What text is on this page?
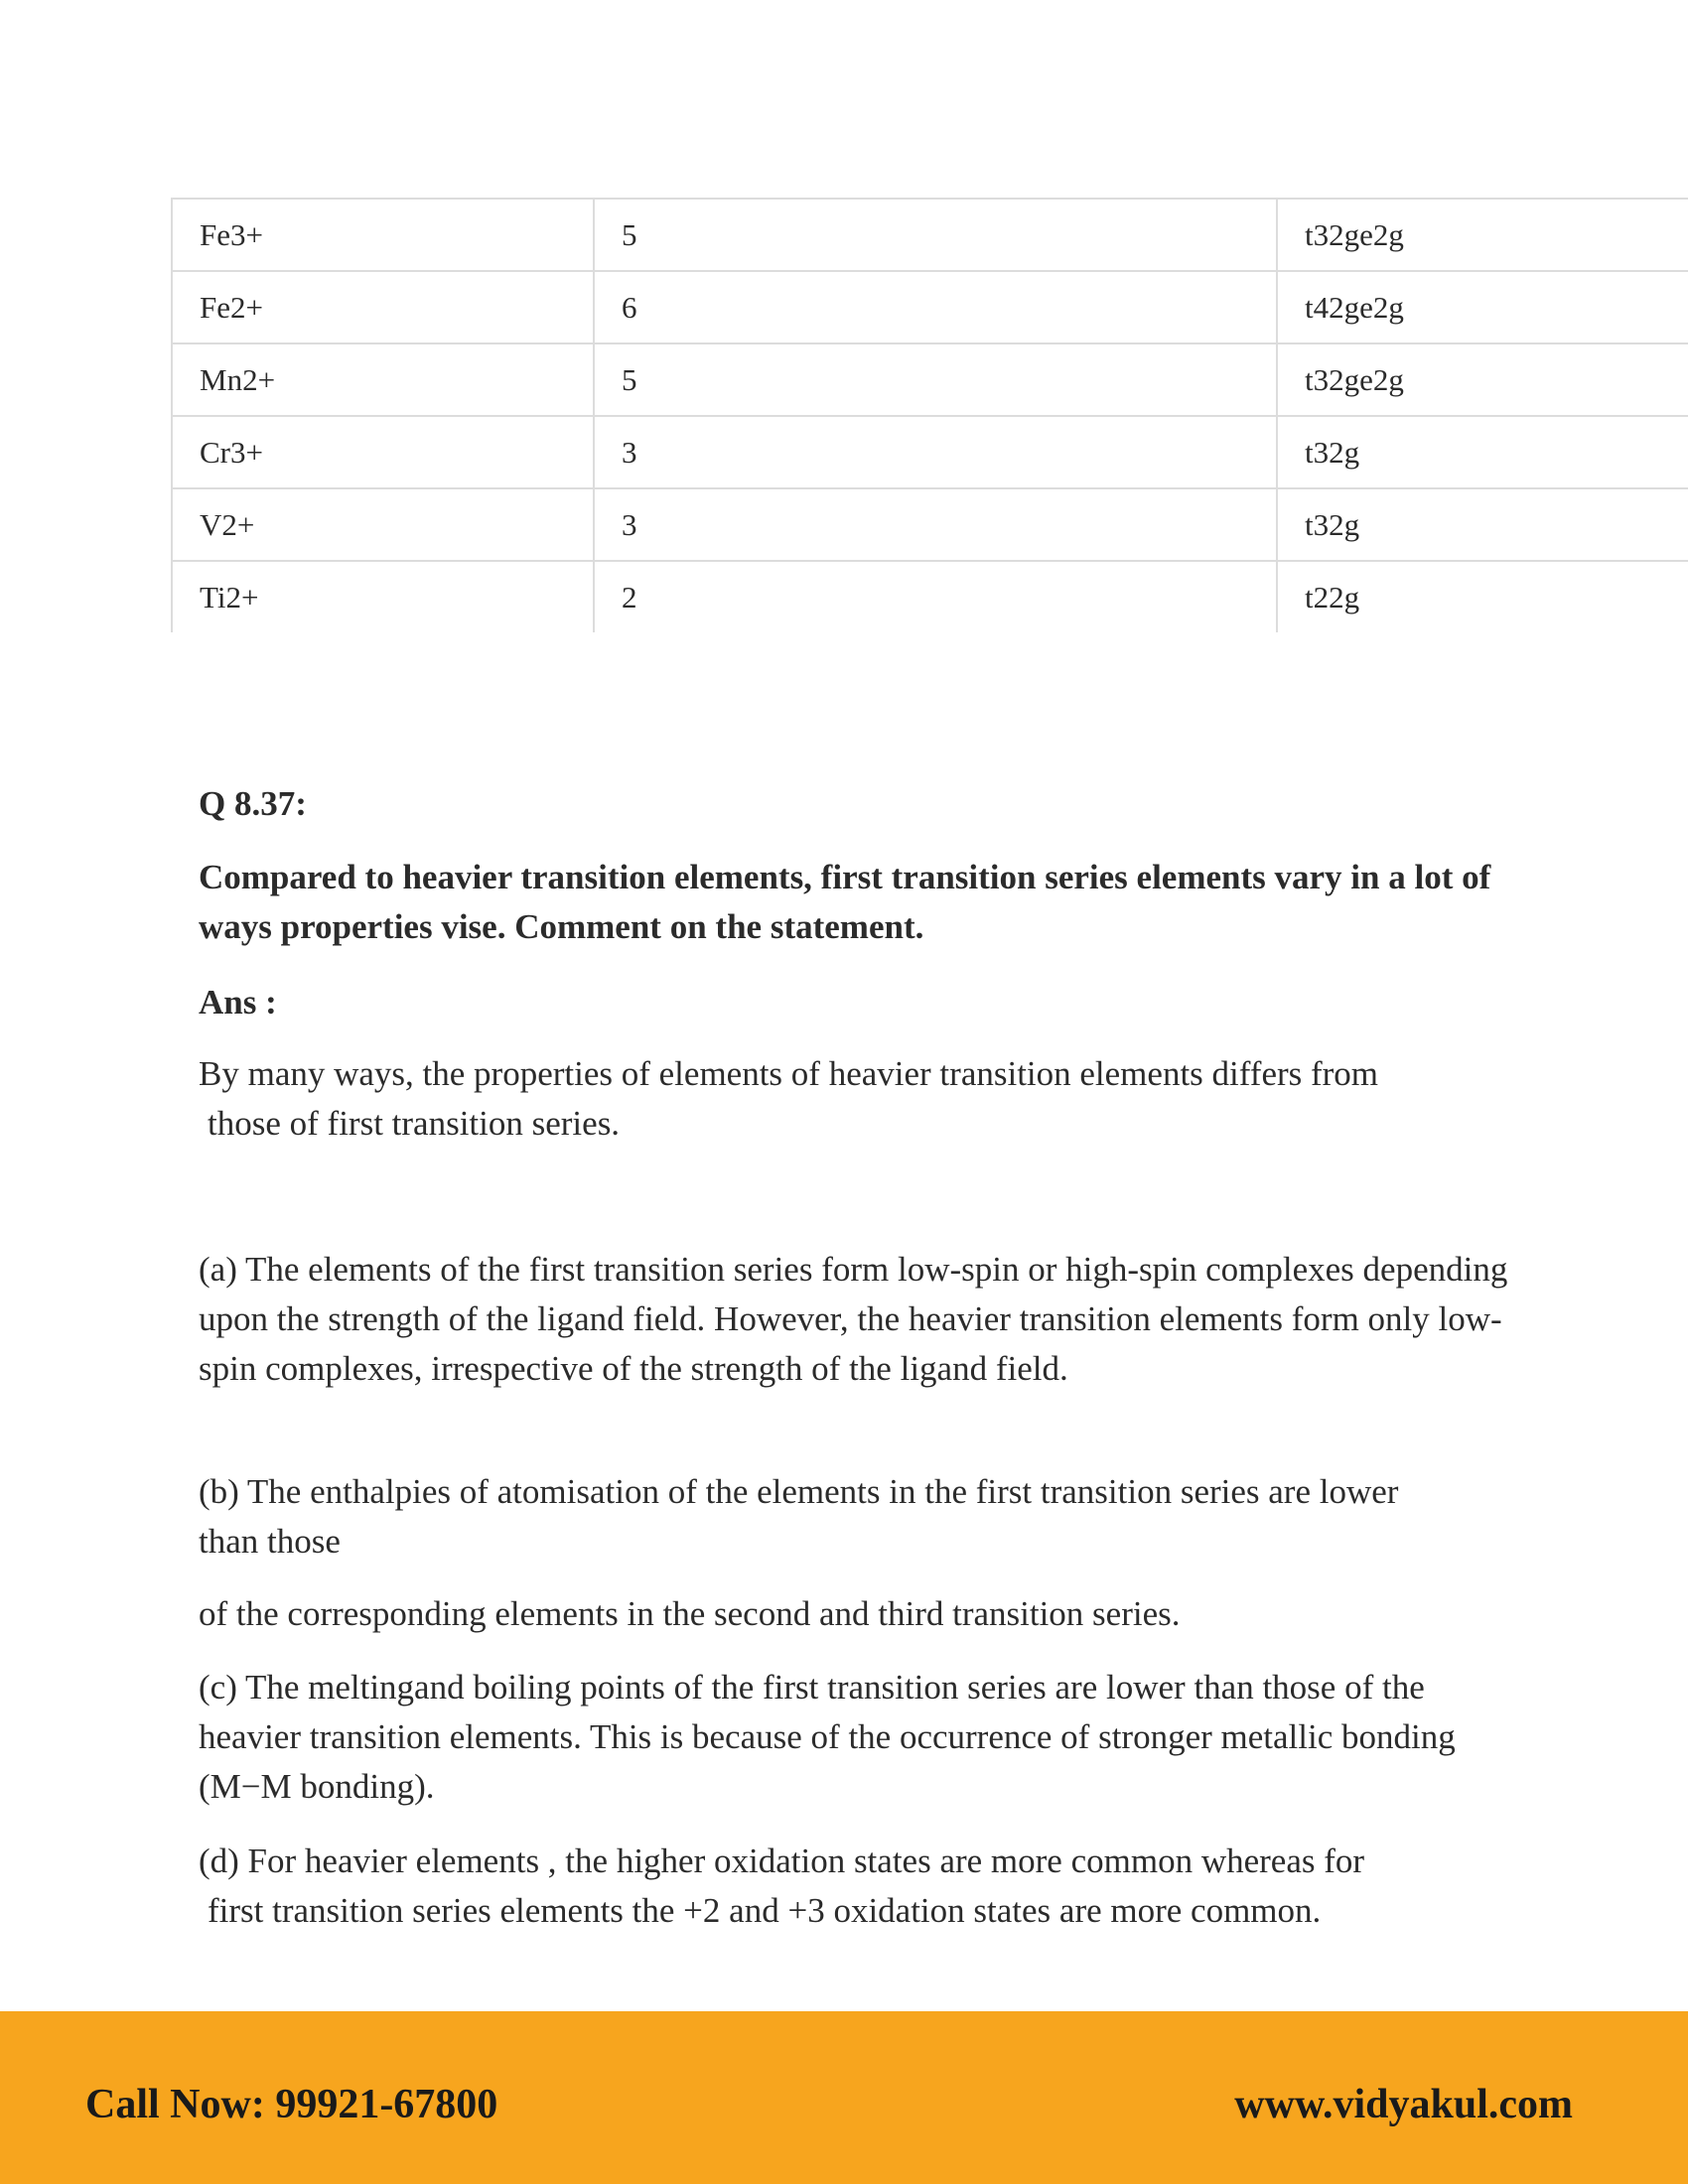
Fe3+	5	t32ge2g
Fe2+	6	t42ge2g
Mn2+	5	t32ge2g
Cr3+	3	t32g
V2+	3	t32g
Ti2+	2	t22g

Q 8.37:

Compared to heavier transition elements, first transition series elements vary in a lot of ways properties vise. Comment on the statement.

Ans :

By many ways, the properties of elements of heavier transition elements differs from

those of first transition series.

(a) The elements of the first transition series form low-spin or high-spin complexes depending upon the strength of the ligand field. However, the heavier transition elements form only low-spin complexes, irrespective of the strength of the ligand field.

(b) The enthalpies of atomisation of the elements in the first transition series are lower

than those

of the corresponding elements in the second and third transition series.

(c) The meltingand boiling points of the first transition series are lower than those of the heavier transition elements. This is because of the occurrence of stronger metallic bonding (M−M bonding).

(d) For heavier elements , the higher oxidation states are more common whereas for

first transition series elements the +2 and +3 oxidation states are more common.

Call Now: 99921-67800	www.vidyakul.com
